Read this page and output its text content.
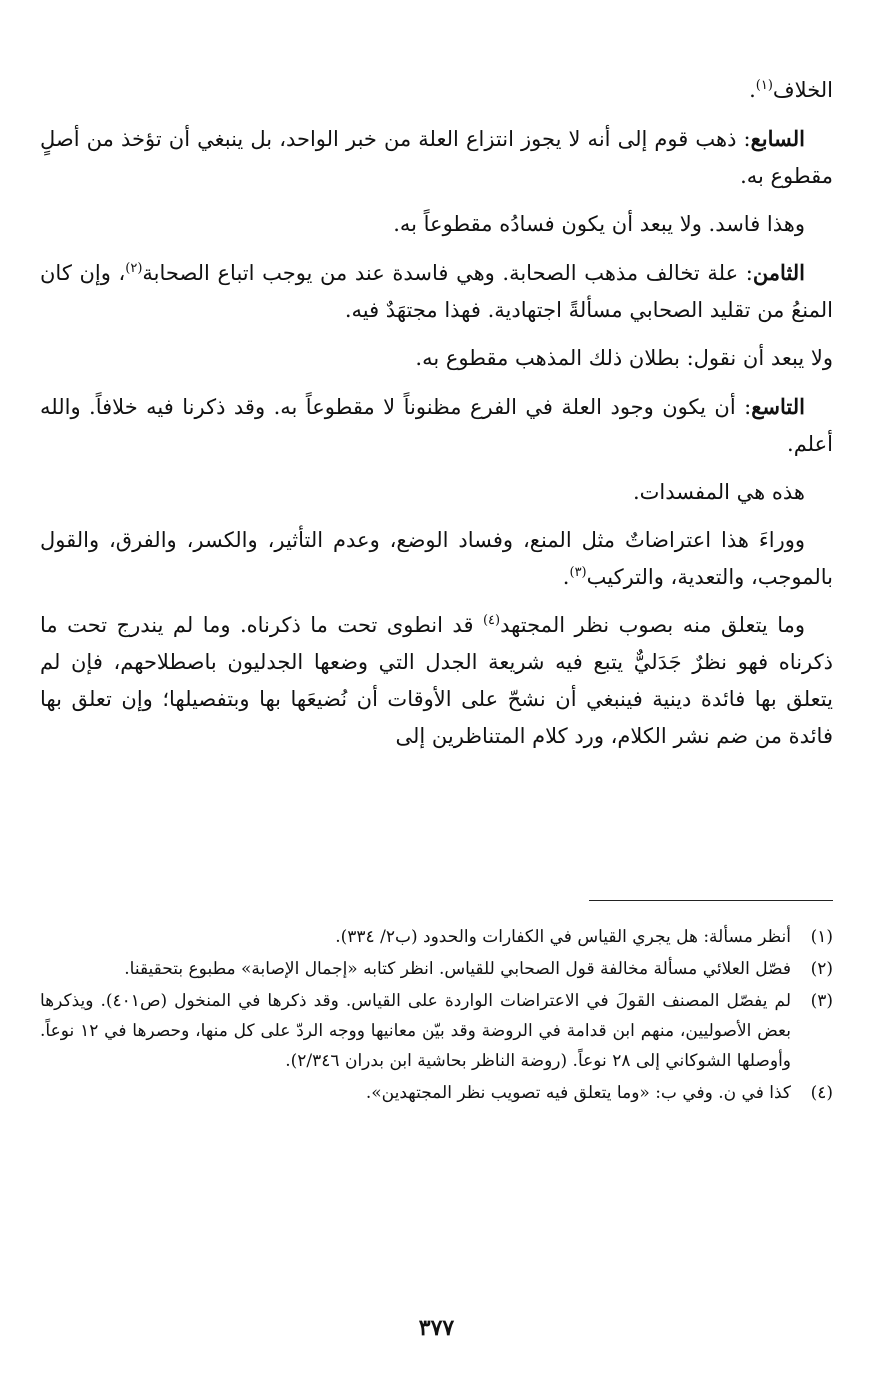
الخلاف$^{(١)}$.

السابع: ذهب قوم إلى أنه لا يجوز انتزاع العلة من خبر الواحد، بل ينبغي أن تؤخذ من أصلٍ مقطوع به.

وهذا فاسد. ولا يبعد أن يكون فسادُه مقطوعاً به.

الثامن: علة تخالف مذهب الصحابة. وهي فاسدة عند من يوجب اتباع الصحابة$^{(٢)}$، وإن كان المنعُ من تقليد الصحابي مسألةً اجتهادية. فهذا مجتهَدٌ فيه.

ولا يبعد أن نقول: بطلان ذلك المذهب مقطوع به.

التاسع: أن يكون وجود العلة في الفرع مظنوناً لا مقطوعاً به. وقد ذكرنا فيه خلافاً. والله أعلم.

هذه هي المفسدات.

ووراءَ هذا اعتراضاتٌ مثل المنع، وفساد الوضع، وعدم التأثير، والكسر، والفرق، والقول بالموجب، والتعدية، والتركيب$^{(٣)}$.

وما يتعلق منه بصوب نظر المجتهد$^{(٤)}$ قد انطوى تحت ما ذكرناه. وما لم يندرج تحت ما ذكرناه فهو نظرٌ جَدَليٌّ يتبع فيه شريعة الجدل التي وضعها الجدليون باصطلاحهم، فإن لم يتعلق بها فائدة دينية فينبغي أن نشحّ على الأوقات أن نُضيعَها بها وبتفصيلها؛ وإن تعلق بها فائدة من ضم نشر الكلام، ورد كلام المتناظرين إلى

(١)
أنظر مسألة: هل يجري القياس في الكفارات والحدود (ب٢/ ٣٣٤).
(٢)
فصّل العلائي مسألة مخالفة قول الصحابي للقياس. انظر كتابه «إجمال الإصابة» مطبوع بتحقيقنا.
(٣)
لم يفصّل المصنف القولَ في الاعتراضات الواردة على القياس. وقد ذكرها في المنخول (ص٤٠١). ويذكرها بعض الأصوليين، منهم ابن قدامة في الروضة وقد بيّن معانيها ووجه الردّ على كل منها، وحصرها في ١٢ نوعاً. وأوصلها الشوكاني إلى ٢٨ نوعاً. (روضة الناظر بحاشية ابن بدران ٢/٣٤٦).
(٤)
كذا في ن. وفي ب: «وما يتعلق فيه تصويب نظر المجتهدين».
٣٧٧
